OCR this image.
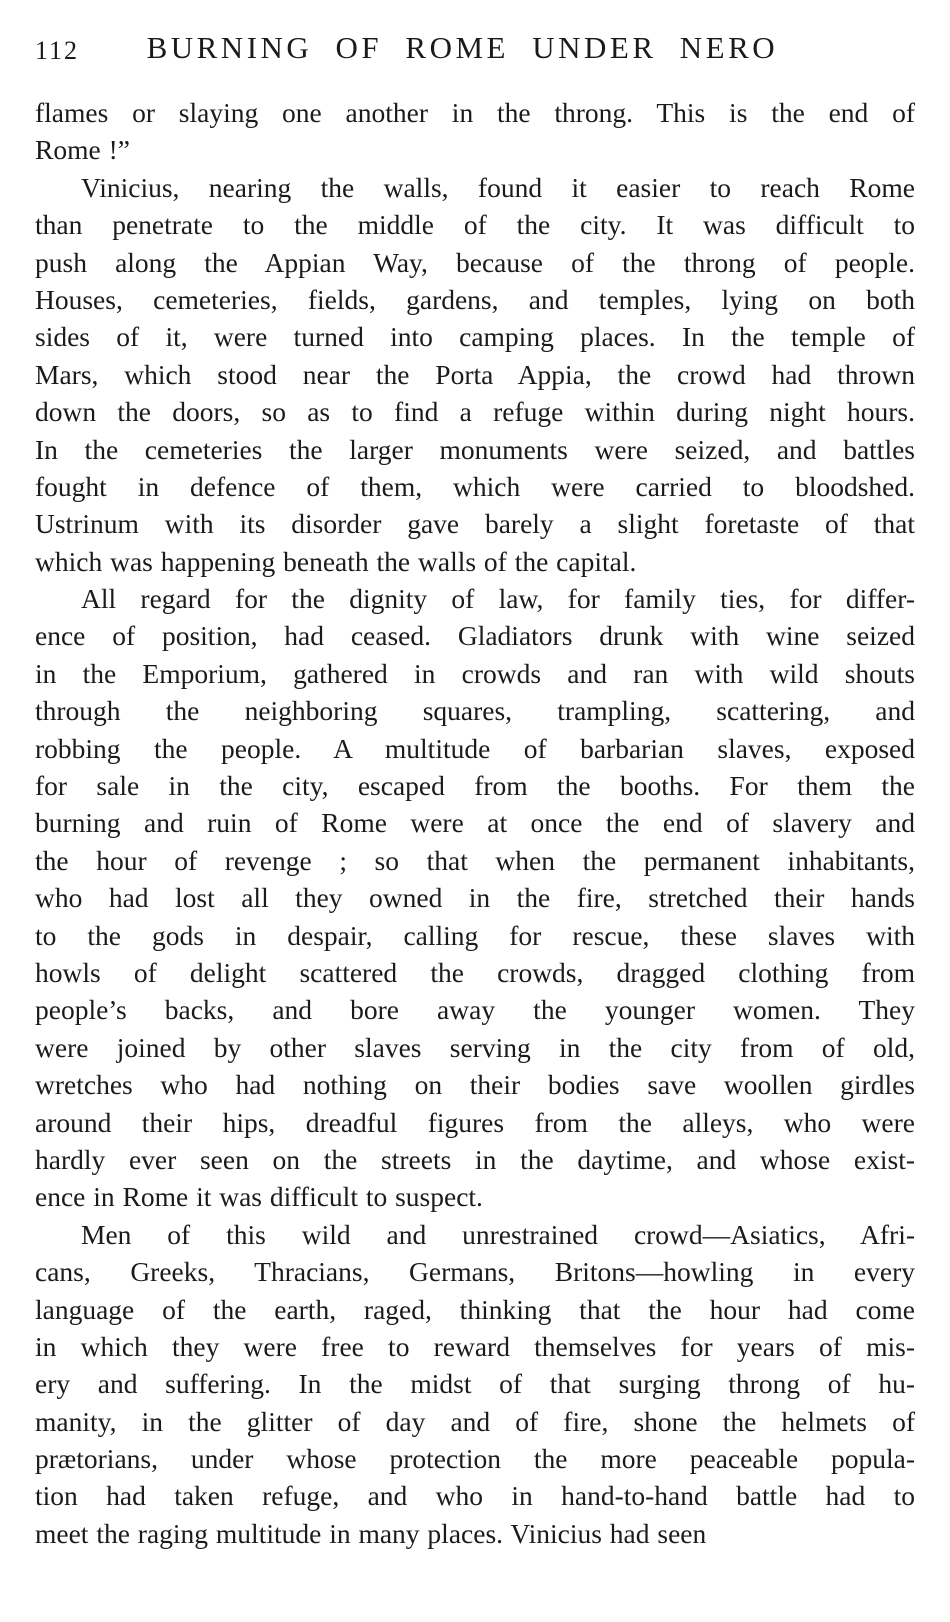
112 BURNING OF ROME UNDER NERO
flames or slaying one another in the throng. This is the end of
Rome !”
Vinicius, nearing the walls, found it easier to reach Rome
than penetrate to the middle of the city. It was difficult to
push along the Appian Way, because of the throng of people.
Houses, cemeteries, fields, gardens, and temples, lying on both
sides of it, were turned into camping places. In the temple of
Mars, which stood near the Porta Appia, the crowd had thrown
down the doors, so as to find a refuge within during night hours.
In the cemeteries the larger monuments were seized, and battles
fought in defence of them, which were carried to bloodshed.
Ustrinum with its disorder gave barely a slight foretaste of that
which was happening beneath the walls of the capital.
All regard for the dignity of law, for family ties, for differ-
ence of position, had ceased. Gladiators drunk with wine seized
in the Emporium, gathered in crowds and ran with wild shouts
through the neighboring squares, trampling, scattering, and
robbing the people. A multitude of barbarian slaves, exposed
for sale in the city, escaped from the booths. For them the
burning and ruin of Rome were at once the end of slavery and
the hour of revenge ; so that when the permanent inhabitants,
who had lost all they owned in the fire, stretched their hands
to the gods in despair, calling for rescue, these slaves with
howls of delight scattered the crowds, dragged clothing from
people’s backs, and bore away the younger women. They
were joined by other slaves serving in the city from of old,
wretches who had nothing on their bodies save woollen girdles
around their hips, dreadful figures from the alleys, who were
hardly ever seen on the streets in the daytime, and whose exist-
ence in Rome it was difficult to suspect.
Men of this wild and unrestrained crowd—Asiatics, Afri-
cans, Greeks, Thracians, Germans, Britons—howling in every
language of the earth, raged, thinking that the hour had come
in which they were free to reward themselves for years of mis-
ery and suffering. In the midst of that surging throng of hu-
manity, in the glitter of day and of fire, shone the helmets of
prætorians, under whose protection the more peaceable popula-
tion had taken refuge, and who in hand-to-hand battle had to
meet the raging multitude in many places. Vinicius had seen
